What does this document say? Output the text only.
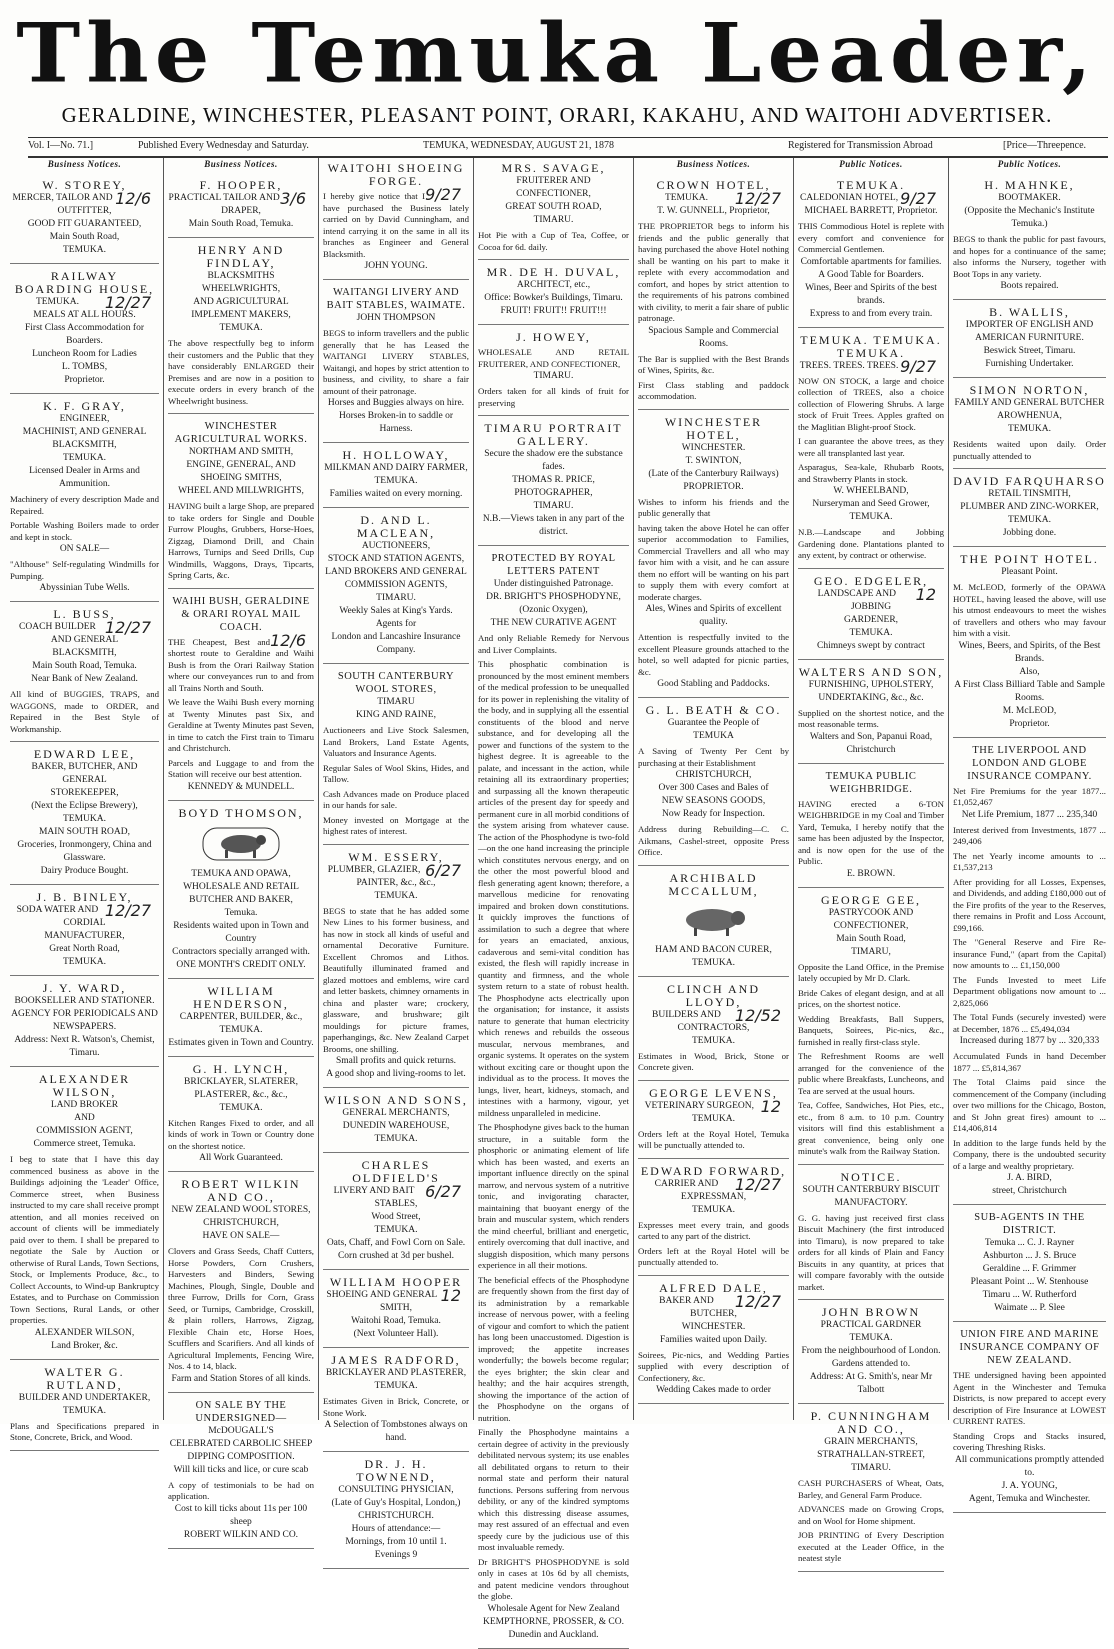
The Temuka Leader,
GERALDINE, WINCHESTER, PLEASANT POINT, ORARI, KAKAHU, AND WAITOHI ADVERTISER.
Vol. I—No. 71.]	Published Every Wednesday and Saturday.	TEMUKA, WEDNESDAY, AUGUST 21, 1878	Registered for Transmission Abroad	[Price—Threepence.
Business Notices.
W. STOREY,
12/6
MERCER, TAILOR AND OUTFITTER,
GOOD FIT GUARANTEED,
Main South Road,
TEMUKA.
RAILWAY BOARDING HOUSE,
12/27
TEMUKA.
MEALS AT ALL HOURS.
First Class Accommodation for Boarders.
Luncheon Room for Ladies
L. TOMBS,
Proprietor.
K. F. GRAY,
ENGINEER,
MACHINIST, AND GENERAL
BLACKSMITH,
TEMUKA.
Licensed Dealer in Arms and Ammunition.
Machinery of every description Made and Repaired.
Portable Washing Boilers made to order and kept in stock.
ON SALE—
"Althouse" Self-regulating Windmills for Pumping.
Abyssinian Tube Wells.
L. BUSS,
12/27
COACH BUILDER AND GENERAL
BLACKSMITH,
Main South Road, Temuka.
Near Bank of New Zealand.
All kind of BUGGIES, TRAPS, and WAGGONS, made to ORDER, and Repaired in the Best Style of Workmanship.
EDWARD LEE,
BAKER, BUTCHER, AND GENERAL
STOREKEEPER,
(Next the Eclipse Brewery),
TEMUKA.
MAIN SOUTH ROAD,
Groceries, Ironmongery, China and Glassware.
Dairy Produce Bought.
J. B. BINLEY,
12/27
SODA WATER AND CORDIAL
MANUFACTURER,
Great North Road,
TEMUKA.
J. Y. WARD,
BOOKSELLER AND STATIONER.
AGENCY FOR PERIODICALS AND
NEWSPAPERS.
Address: Next R. Watson's, Chemist, Timaru.
ALEXANDER WILSON,
LAND BROKER
AND
COMMISSION AGENT,
Commerce street, Temuka.
I beg to state that I have this day commenced business as above in the Buildings adjoining the 'Leader' Office, Commerce street, when Business instructed to my care shall receive prompt attention, and all monies received on account of clients will be immediately paid over to them. I shall be prepared to negotiate the Sale by Auction or otherwise of Rural Lands, Town Sections, Stock, or Implements Produce, &c., to Collect Accounts, to Wind-up Bankruptcy Estates, and to Purchase on Commission Town Sections, Rural Lands, or other properties.
ALEXANDER WILSON,
Land Broker, &c.
WALTER G. RUTLAND,
BUILDER AND UNDERTAKER,
TEMUKA.
Plans and Specifications prepared in Stone, Concrete, Brick, and Wood.
Business Notices.
F. HOOPER,
3/6
PRACTICAL TAILOR AND
DRAPER,
Main South Road, Temuka.
HENRY AND FINDLAY,
BLACKSMITHS WHEELWRIGHTS,
AND AGRICULTURAL IMPLEMENT MAKERS,
TEMUKA.
The above respectfully beg to inform their customers and the Public that they have considerably ENLARGED their Premises and are now in a position to execute orders in every branch of the Wheelwright business.
WINCHESTER AGRICULTURAL WORKS.
NORTHAM AND SMITH,
ENGINE, GENERAL, AND SHOEING SMITHS,
WHEEL AND MILLWRIGHTS,
HAVING built a large Shop, are prepared to take orders for Single and Double Furrow Ploughs, Grubbers, Horse-Hoes, Zigzag, Diamond Drill, and Chain Harrows, Turnips and Seed Drills, Cup Windmills, Waggons, Drays, Tipcarts, Spring Carts, &c.
WAIHI BUSH, GERALDINE & ORARI ROYAL MAIL COACH.
12/6
THE Cheapest, Best and shortest route to Geraldine and Waihi Bush is from the Orari Railway Station where our conveyances run to and from all Trains North and South.
We leave the Waihi Bush every morning at Twenty Minutes past Six, and Geraldine at Twenty Minutes past Seven, in time to catch the First train to Timaru and Christchurch.
Parcels and Luggage to and from the Station will receive our best attention.
KENNEDY & MUNDELL.
BOYD THOMSON,
TEMUKA AND OPAWA,
WHOLESALE AND RETAIL
BUTCHER AND BAKER,
Temuka.
Residents waited upon in Town and Country
Contractors specially arranged with.
ONE MONTH'S CREDIT ONLY.
WILLIAM HENDERSON,
CARPENTER, BUILDER, &c.,
TEMUKA.
Estimates given in Town and Country.
G. H. LYNCH,
BRICKLAYER, SLATERER, PLASTERER, &c., &c.,
TEMUKA.
Kitchen Ranges Fixed to order, and all kinds of work in Town or Country done on the shortest notice.
All Work Guaranteed.
ROBERT WILKIN AND CO.,
NEW ZEALAND WOOL STORES,
CHRISTCHURCH,
HAVE ON SALE—
Clovers and Grass Seeds, Chaff Cutters, Horse Powders, Corn Crushers, Harvesters and Binders, Sewing Machines, Plough, Single, Double and three Furrow, Drills for Corn, Grass Seed, or Turnips, Cambridge, Crosskill, & plain rollers, Harrows, Zigzag, Flexible Chain etc, Horse Hoes, Scufflers and Scarifiers. And all kinds of Agricultural Implements, Fencing Wire, Nos. 4 to 14, black.
Farm and Station Stores of all kinds.
ON SALE BY THE UNDERSIGNED—
McDOUGALL'S
CELEBRATED CARBOLIC SHEEP
DIPPING COMPOSITION.
Will kill ticks and lice, or cure scab
A copy of testimonials to be had on application.
Cost to kill ticks about 11s per 100 sheep
ROBERT WILKIN AND CO.
WAITOHI SHOEING FORGE.
9/27
I hereby give notice that I have purchased the Business lately carried on by David Cunningham, and intend carrying it on the same in all its branches as Engineer and General Blacksmith.
JOHN YOUNG.
WAITANGI LIVERY AND BAIT STABLES, WAIMATE.
JOHN THOMPSON
BEGS to inform travellers and the public generally that he has Leased the WAITANGI LIVERY STABLES, Waitangi, and hopes by strict attention to business, and civility, to share a fair amount of their patronage.
Horses and Buggies always on hire.
Horses Broken-in to saddle or Harness.
H. HOLLOWAY,
MILKMAN AND DAIRY FARMER,
TEMUKA.
Families waited on every morning.
D. AND L. MACLEAN,
AUCTIONEERS,
STOCK AND STATION AGENTS,
LAND BROKERS AND GENERAL
COMMISSION AGENTS,
TIMARU.
Weekly Sales at King's Yards.
Agents for
London and Lancashire Insurance Company.
SOUTH CANTERBURY WOOL STORES,
TIMARU
KING AND RAINE,
Auctioneers and Live Stock Salesmen, Land Brokers, Land Estate Agents, Valuators and Insurance Agents.
Regular Sales of Wool Skins, Hides, and Tallow.
Cash Advances made on Produce placed in our hands for sale.
Money invested on Mortgage at the highest rates of interest.
WM. ESSERY,
6/27
PLUMBER, GLAZIER, PAINTER, &c., &c.,
TEMUKA.
BEGS to state that he has added some New Lines to his former business, and has now in stock all kinds of useful and ornamental Decorative Furniture. Excellent Chromos and Lithos. Beautifully illuminated framed and glazed mottoes and emblems, wire card and letter baskets, chimney ornaments in china and plaster ware; crockery, glassware, and brushware; gilt mouldings for picture frames, paperhangings, &c. New Zealand Carpet Brooms, one shilling.
Small profits and quick returns.
A good shop and living-rooms to let.
WILSON AND SONS,
GENERAL MERCHANTS,
DUNEDIN WAREHOUSE,
TEMUKA.
CHARLES OLDFIELD'S
6/27
LIVERY AND BAIT STABLES,
Wood Street,
TEMUKA.
Oats, Chaff, and Fowl Corn on Sale.
Corn crushed at 3d per bushel.
WILLIAM HOOPER
12
SHOEING AND GENERAL SMITH,
Waitohi Road, Temuka.
(Next Volunteer Hall).
JAMES RADFORD,
BRICKLAYER AND PLASTERER,
TEMUKA.
Estimates Given in Brick, Concrete, or Stone Work.
A Selection of Tombstones always on hand.
DR. J. H. TOWNEND,
CONSULTING PHYSICIAN,
(Late of Guy's Hospital, London,)
CHRISTCHURCH.
Hours of attendance:—
Mornings, from 10 until 1.
Evenings 9
MRS. SAVAGE,
FRUITERER AND CONFECTIONER,
GREAT SOUTH ROAD,
TIMARU.
Hot Pie with a Cup of Tea, Coffee, or Cocoa for 6d. daily.
MR. DE H. DUVAL,
ARCHITECT, etc.,
Office: Bowker's Buildings, Timaru.
FRUIT! FRUIT!! FRUIT!!!
J. HOWEY,
WHOLESALE AND RETAIL FRUITERER, AND CONFECTIONER,
TIMARU.
Orders taken for all kinds of fruit for preserving
TIMARU PORTRAIT GALLERY.
Secure the shadow ere the substance fades.
THOMAS R. PRICE,
PHOTOGRAPHER,
TIMARU.
N.B.—Views taken in any part of the district.
PROTECTED BY ROYAL LETTERS PATENT
Under distinguished Patronage.
DR. BRIGHT'S PHOSPHODYNE,
(Ozonic Oxygen),
THE NEW CURATIVE AGENT
And only Reliable Remedy for Nervous and Liver Complaints.
This phosphatic combination is pronounced by the most eminent members of the medical profession to be unequalled for its power in replenishing the vitality of the body, and in supplying all the essential constituents of the blood and nerve substance, and for developing all the power and functions of the system to the highest degree. It is agreeable to the palate, and incessant in the action, while retaining all its extraordinary properties; and surpassing all the known therapeutic articles of the present day for speedy and permanent cure in all morbid conditions of the system arising from whatever cause. The action of the Phosphodyne is two-fold—on the one hand increasing the principle which constitutes nervous energy, and on the other the most powerful blood and flesh generating agent known; therefore, a marvellous medicine for renovating impaired and broken down constitutions. It quickly improves the functions of assimilation to such a degree that where for years an emaciated, anxious, cadaverous and semi-vital condition has existed, the flesh will rapidly increase in quantity and firmness, and the whole system return to a state of robust health. The Phosphodyne acts electrically upon the organisation; for instance, it assists nature to generate that human electricity which renews and rebuilds the osseous muscular, nervous membranes, and organic systems. It operates on the system without exciting care or thought upon the individual as to the process. It moves the lungs, liver, heart, kidneys, stomach, and intestines with a harmony, vigour, yet mildness unparalleled in medicine.
The Phosphodyne gives back to the human structure, in a suitable form the phosphoric or animating element of life which has been wasted, and exerts an important influence directly on the spinal marrow, and nervous system of a nutritive tonic, and invigorating character, maintaining that buoyant energy of the brain and muscular system, which renders the mind cheerful, brilliant and energetic, entirely overcoming that dull inactive, and sluggish disposition, which many persons experience in all their motions.
The beneficial effects of the Phosphodyne are frequently shown from the first day of its administration by a remarkable increase of nervous power, with a feeling of vigour and comfort to which the patient has long been unaccustomed. Digestion is improved; the appetite increases wonderfully; the bowels become regular; the eyes brighter; the skin clear and healthy; and the hair acquires strength, showing the importance of the action of the Phosphodyne on the organs of nutrition.
Finally the Phosphodyne maintains a certain degree of activity in the previously debilitated nervous system; its use enables all debilitated organs to return to their normal state and perform their natural functions. Persons suffering from nervous debility, or any of the kindred symptoms which this distressing disease assumes, may rest assured of an effectual and even speedy cure by the judicious use of this most invaluable remedy.
Dr BRIGHT'S PHOSPHODYNE is sold only in cases at 10s 6d by all chemists, and patent medicine vendors throughout the globe.
Wholesale Agent for New Zealand
KEMPTHORNE, PROSSER, & CO.
Dunedin and Auckland.
Business Notices.
CROWN HOTEL,
12/27
TEMUKA.
T. W. GUNNELL, Proprietor,
THE PROPRIETOR begs to inform his friends and the public generally that having purchased the above Hotel nothing shall be wanting on his part to make it replete with every accommodation and comfort, and hopes by strict attention to the requirements of his patrons combined with civility, to merit a fair share of public patronage.
Spacious Sample and Commercial Rooms.
The Bar is supplied with the Best Brands of Wines, Spirits, &c.
First Class stabling and paddock accommodation.
WINCHESTER HOTEL,
WINCHESTER.
T. SWINTON,
(Late of the Canterbury Railways)
PROPRIETOR.
Wishes to inform his friends and the public generally that
having taken the above Hotel he can offer superior accommodation to Families, Commercial Travellers and all who may favor him with a visit, and he can assure them no effort will be wanting on his part to supply them with every comfort at moderate charges.
Ales, Wines and Spirits of excellent quality.
Attention is respectfully invited to the excellent Pleasure grounds attached to the hotel, so well adapted for picnic parties, &c.
Good Stabling and Paddocks.
G. L. BEATH & CO.
Guarantee the People of
TEMUKA
A Saving of Twenty Per Cent by purchasing at their Establishment
CHRISTCHURCH,
Over 300 Cases and Bales of
NEW SEASONS GOODS,
Now Ready for Inspection.
Address during Rebuilding—C. C. Aikmans, Cashel-street, opposite Press Office.
ARCHIBALD MCCALLUM,
HAM AND BACON CURER,
TEMUKA.
CLINCH AND LLOYD,
12/52
BUILDERS AND CONTRACTORS,
TEMUKA.
Estimates in Wood, Brick, Stone or Concrete given.
GEORGE LEVENS,
12
VETERINARY SURGEON,
TEMUKA.
Orders left at the Royal Hotel, Temuka will be punctually attended to.
EDWARD FORWARD,
12/27
CARRIER AND EXPRESSMAN,
TEMUKA.
Expresses meet every train, and goods carted to any part of the district.
Orders left at the Royal Hotel will be punctually attended to.
ALFRED DALE,
12/27
BAKER AND BUTCHER,
WINCHESTER.
Families waited upon Daily.
Soirees, Pic-nics, and Wedding Parties supplied with every description of Confectionery, &c.
Wedding Cakes made to order
Public Notices.
TEMUKA.
9/27
CALEDONIAN HOTEL,
MICHAEL BARRETT, Proprietor.
THIS Commodious Hotel is replete with every comfort and convenience for Commercial Gentlemen.
Comfortable apartments for families.
A Good Table for Boarders.
Wines, Beer and Spirits of the best brands.
Express to and from every train.
TEMUKA. TEMUKA. TEMUKA.
9/27
TREES. TREES. TREES.
NOW ON STOCK, a large and choice collection of TREES, also a choice collection of Flowering Shrubs. A large stock of Fruit Trees. Apples grafted on the Maglitian Blight-proof Stock.
I can guarantee the above trees, as they were all transplanted last year.
Asparagus, Sea-kale, Rhubarb Roots, and Strawberry Plants in stock.
W. WHEELBAND,
Nurseryman and Seed Grower, TEMUKA.
N.B.—Landscape and Jobbing Gardening done. Plantations planted to any extent, by contract or otherwise.
GEO. EDGELER,
12
LANDSCAPE AND JOBBING
GARDENER,
TEMUKA.
Chimneys swept by contract
WALTERS AND SON,
FURNISHING, UPHOLSTERY, UNDERTAKING, &c., &c.
Supplied on the shortest notice, and the most reasonable terms.
Walters and Son, Papanui Road, Christchurch
TEMUKA PUBLIC WEIGHBRIDGE.
HAVING erected a 6-TON WEIGHBRIDGE in my Coal and Timber Yard, Temuka, I hereby notify that the same has been adjusted by the Inspector, and is now open for the use of the Public.
E. BROWN.
GEORGE GEE,
PASTRYCOOK AND CONFECTIONER,
Main South Road,
TIMARU,
Opposite the Land Office, in the Premise lately occupied by Mr D. Clark.
Bride Cakes of elegant design, and at all prices, on the shortest notice.
Wedding Breakfasts, Ball Suppers, Banquets, Soirees, Pic-nics, &c., furnished in really first-class style.
The Refreshment Rooms are well arranged for the convenience of the public where Breakfasts, Luncheons, and Tea are served at the usual hours.
Tea, Coffee, Sandwiches, Hot Pies, etc., etc., from 8 a.m. to 10 p.m. Country visitors will find this establishment a great convenience, being only one minute's walk from the Railway Station.
NOTICE.
SOUTH CANTERBURY BISCUIT MANUFACTORY.
G. G. having just received first class Biscuit Machinery (the first introduced into Timaru), is now prepared to take orders for all kinds of Plain and Fancy Biscuits in any quantity, at prices that will compare favorably with the outside market.
JOHN BROWN
PRACTICAL GARDNER
TEMUKA.
From the neighbourhood of London.
Gardens attended to.
Address: At G. Smith's, near Mr Talbott
P. CUNNINGHAM AND CO.,
GRAIN MERCHANTS,
STRATHALLAN-STREET,
TIMARU.
CASH PURCHASERS of Wheat, Oats, Barley, and General Farm Produce.
ADVANCES made on Growing Crops, and on Wool for Home shipment.
JOB PRINTING of Every Description executed at the Leader Office, in the neatest style
Public Notices.
H. MAHNKE,
BOOTMAKER.
(Opposite the Mechanic's Institute Temuka.)
BEGS to thank the public for past favours, and hopes for a continuance of the same; also informs the Nursery, together with Boot Tops in any variety.
Boots repaired.
B. WALLIS,
IMPORTER OF ENGLISH AND
AMERICAN FURNITURE.
Beswick Street, Timaru.
Furnishing Undertaker.
SIMON NORTON,
FAMILY AND GENERAL BUTCHER
AROWHENUA,
TEMUKA.
Residents waited upon daily. Order punctually attended to
DAVID FARQUHARSO
RETAIL TINSMITH,
PLUMBER AND ZINC-WORKER,
TEMUKA.
Jobbing done.
THE POINT HOTEL.
Pleasant Point.
M. McLEOD, formerly of the OPAWA HOTEL, having leased the above, will use his utmost endeavours to meet the wishes of travellers and others who may favour him with a visit.
Wines, Beers, and Spirits, of the Best Brands.
Also,
A First Class Billiard Table and Sample Rooms.
M. McLEOD,
Proprietor.
THE LIVERPOOL AND LONDON AND GLOBE INSURANCE COMPANY.
Net Fire Premiums for the year 1877... £1,052,467
Net Life Premium, 1877 ... 235,340
Interest derived from Investments, 1877 ... 249,406
The net Yearly income amounts to ... £1,537,213
After providing for all Losses, Expenses, and Dividends, and adding £180,000 out of the Fire profits of the year to the Reserves, there remains in Profit and Loss Account, £99,166.
The "General Reserve and Fire Re-insurance Fund," (apart from the Capital) now amounts to ... £1,150,000
The Funds Invested to meet Life Department obligations now amount to ... 2,825,066
The Total Funds (securely invested) were at December, 1876 ... £5,494,034
Increased during 1877 by ... 320,333
Accumulated Funds in hand December 1877 ... £5,814,367
The Total Claims paid since the commencement of the Company (including over two millions for the Chicago, Boston, and St John great fires) amount to ... £14,406,814
In addition to the large funds held by the Company, there is the undoubted security of a large and wealthy proprietary.
J. A. BIRD,
street, Christchurch
SUB-AGENTS IN THE DISTRICT.
Temuka ... C. J. Rayner
Ashburton ... J. S. Bruce
Geraldine ... F. Grimmer
Pleasant Point ... W. Stenhouse
Timaru ... W. Rutherford
Waimate ... P. Slee
UNION FIRE AND MARINE INSURANCE COMPANY OF NEW ZEALAND.
THE undersigned having been appointed Agent in the Winchester and Temuka Districts, is now prepared to accept every description of Fire Insurance at LOWEST CURRENT RATES.
Standing Crops and Stacks insured, covering Threshing Risks.
All communications promptly attended to.
J. A. YOUNG,
Agent, Temuka and Winchester.
